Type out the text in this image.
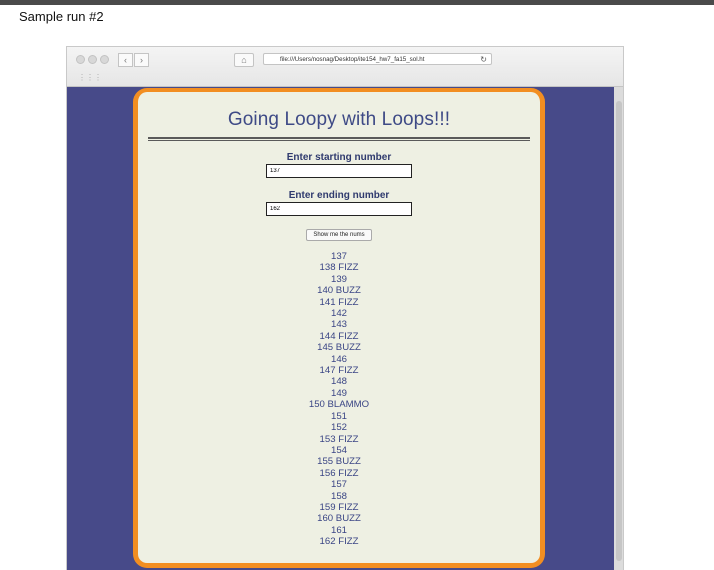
Sample run #2
‹	›
⋮⋮⋮
⌂	file:///Users/nosnag/Desktop/ite154_hw7_fa15_sol.ht	↻
Going Loopy with Loops!!!
Enter starting number
137
Enter ending number
162
Show me the nums
137
138 FIZZ
139
140 BUZZ
141 FIZZ
142
143
144 FIZZ
145 BUZZ
146
147 FIZZ
148
149
150 BLAMMO
151
152
153 FIZZ
154
155 BUZZ
156 FIZZ
157
158
159 FIZZ
160 BUZZ
161
162 FIZZ
